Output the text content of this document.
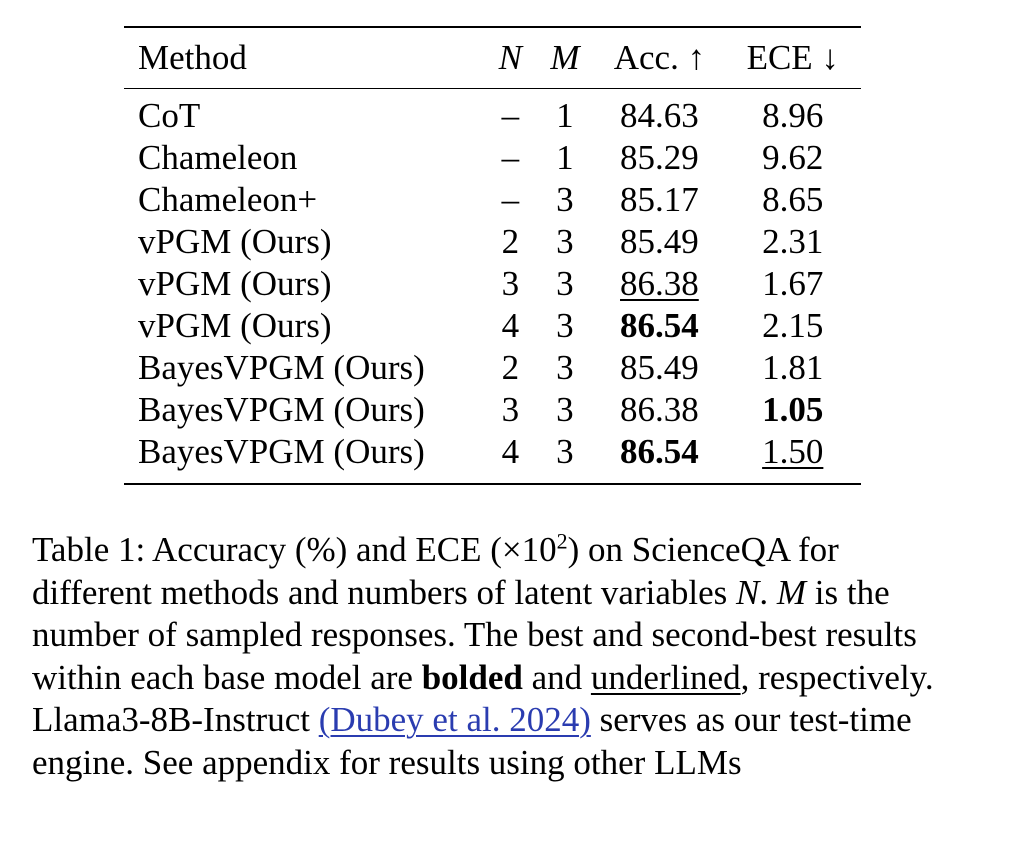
Method	N	M	Acc. ↑	ECE ↓
CoT	–	1	84.63	8.96
Chameleon	–	1	85.29	9.62
Chameleon+	–	3	85.17	8.65
vPGM (Ours)	2	3	85.49	2.31
vPGM (Ours)	3	3	86.38	1.67
vPGM (Ours)	4	3	86.54	2.15
BayesVPGM (Ours)	2	3	85.49	1.81
BayesVPGM (Ours)	3	3	86.38	1.05
BayesVPGM (Ours)	4	3	86.54	1.50

Table 1: Accuracy (%) and ECE $(\times 10^2)$ on ScienceQA for different methods and numbers of latent variables N. M is the number of sampled responses. The best and second-best results within each base model are bolded and underlined, respectively. Llama3-8B-Instruct (Dubey et al. 2024) serves as our test-time engine. See appendix for results using other LLMs
